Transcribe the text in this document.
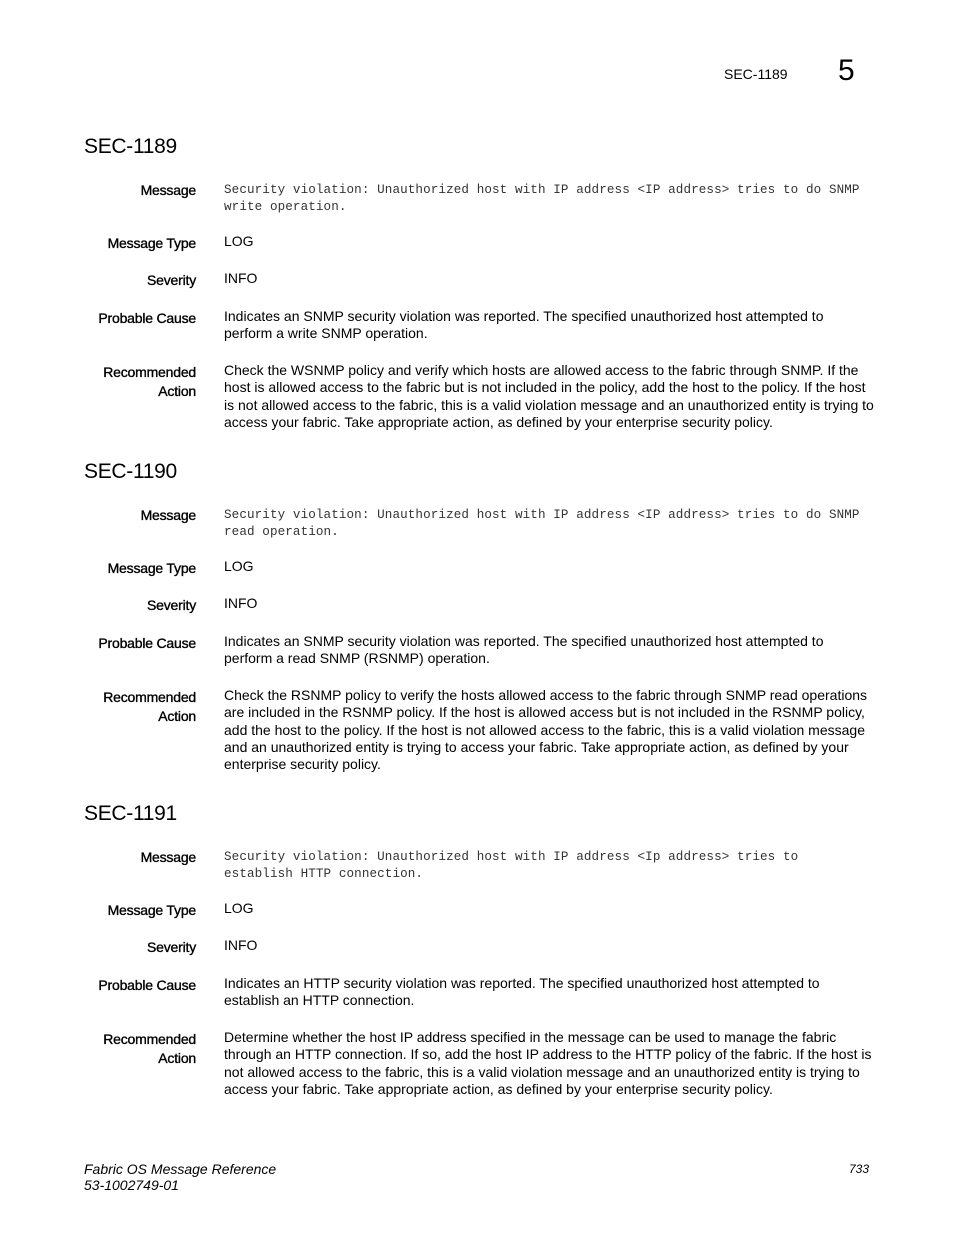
SEC-1189 5
SEC-1189
Message Security violation: Unauthorized host with IP address <IP address> tries to do SNMP write operation.
Message Type LOG
Severity INFO
Probable Cause Indicates an SNMP security violation was reported. The specified unauthorized host attempted to perform a write SNMP operation.
Recommended
Action
Check the WSNMP policy and verify which hosts are allowed access to the fabric through SNMP. If the host is allowed access to the fabric but is not included in the policy, add the host to the policy. If the host is not allowed access to the fabric, this is a valid violation message and an unauthorized entity is trying to access your fabric. Take appropriate action, as defined by your enterprise security policy.
SEC-1190
Message Security violation: Unauthorized host with IP address <IP address> tries to do SNMP read operation.
Message Type LOG
Severity INFO
Probable Cause Indicates an SNMP security violation was reported. The specified unauthorized host attempted to perform a read SNMP (RSNMP) operation.
Recommended
Action
Check the RSNMP policy to verify the hosts allowed access to the fabric through SNMP read operations are included in the RSNMP policy. If the host is allowed access but is not included in the RSNMP policy, add the host to the policy. If the host is not allowed access to the fabric, this is a valid violation message and an unauthorized entity is trying to access your fabric. Take appropriate action, as defined by your enterprise security policy.
SEC-1191
Message Security violation: Unauthorized host with IP address <Ip address> tries to establish HTTP connection.
Message Type LOG
Severity INFO
Probable Cause Indicates an HTTP security violation was reported. The specified unauthorized host attempted to establish an HTTP connection.
Recommended
Action
Determine whether the host IP address specified in the message can be used to manage the fabric through an HTTP connection. If so, add the host IP address to the HTTP policy of the fabric. If the host is not allowed access to the fabric, this is a valid violation message and an unauthorized entity is trying to access your fabric. Take appropriate action, as defined by your enterprise security policy.
Fabric OS Message Reference
53-1002749-01
733
